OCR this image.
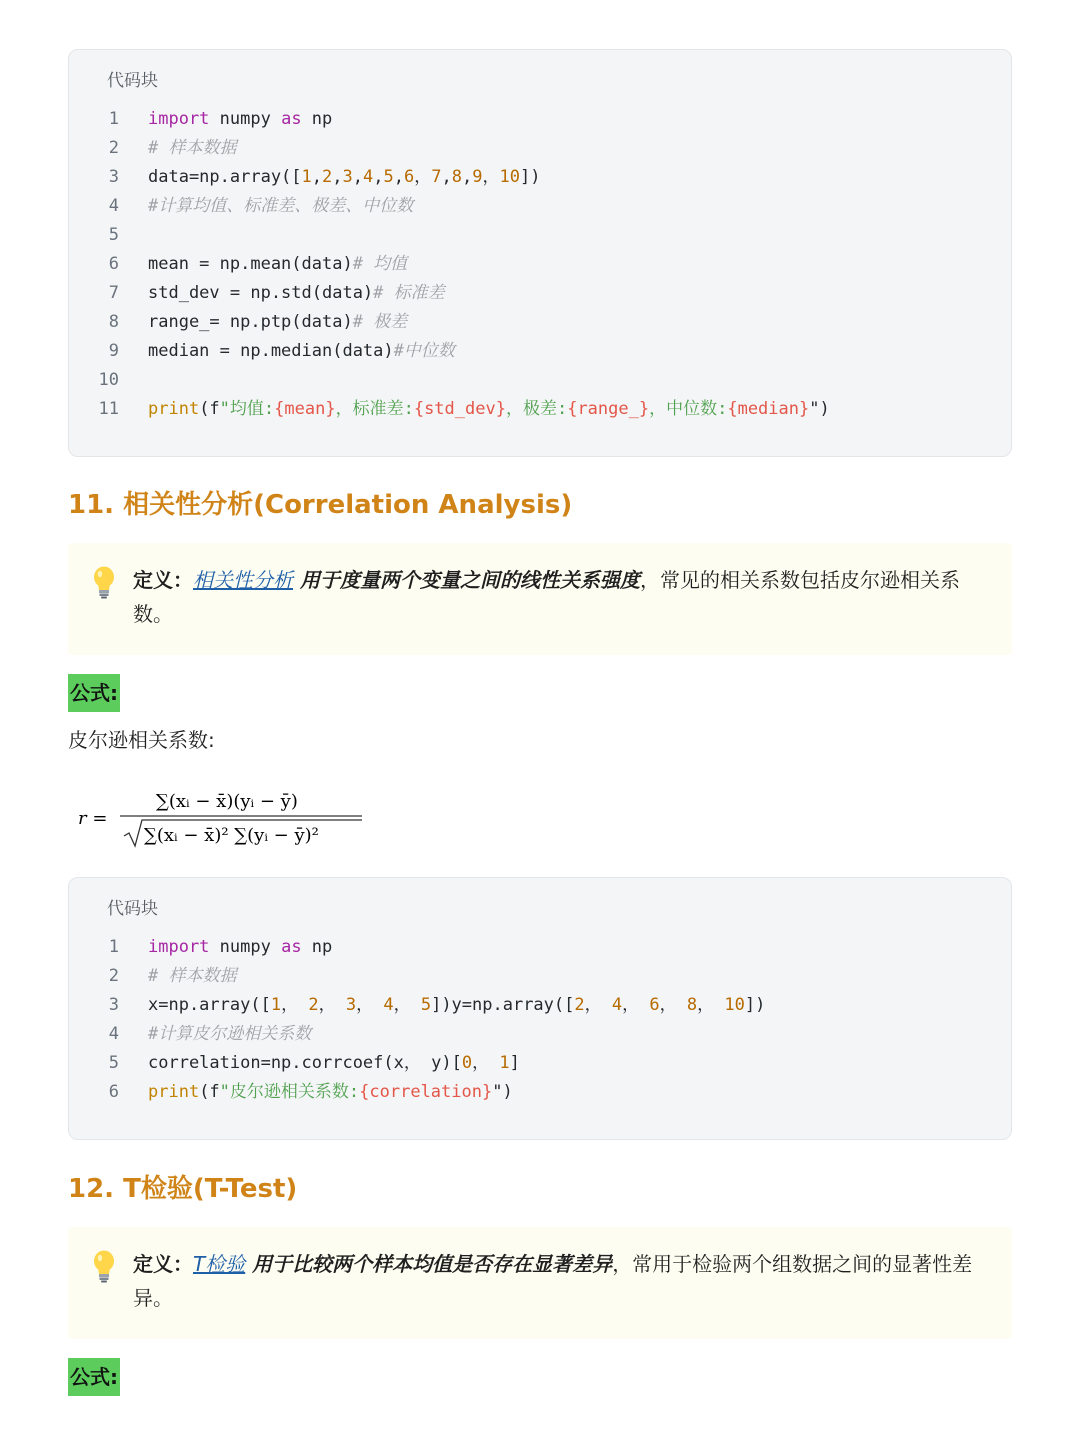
代码块
1 import numpy as np
2 # 样本数据
3 data=np.array([1,2,3,4,5,6，7,8,9，10])
4 #计算均值、标准差、极差、中位数
5
6 mean = np.mean(data)# 均值
7 std_dev = np.std(data)# 标准差
8 range_= np.ptp(data)# 极差
9 median = np.median(data)#中位数
10
11 print(f"均值:{mean}，标准差:{std_dev}，极差:{range_}，中位数:{median}")
11. 相关性分析(Correlation Analysis)
定义：相关性分析 用于度量两个变量之间的线性关系强度，常见的相关系数包括皮尔逊相关系数。
公式:
皮尔逊相关系数:
r =
∑(xᵢ − x̄)(yᵢ − ȳ)
∑(xᵢ − x̄)² ∑(yᵢ − ȳ)²
代码块
1 import numpy as np
2 # 样本数据
3 x=np.array([1， 2， 3， 4， 5])y=np.array([2， 4， 6， 8， 10])
4 #计算皮尔逊相关系数
5 correlation=np.corrcoef(x， y)[0， 1]
6 print(f"皮尔逊相关系数:{correlation}")
12. T检验(T-Test)
定义：T检验 用于比较两个样本均值是否存在显著差异，常用于检验两个组数据之间的显著性差异。
公式:
